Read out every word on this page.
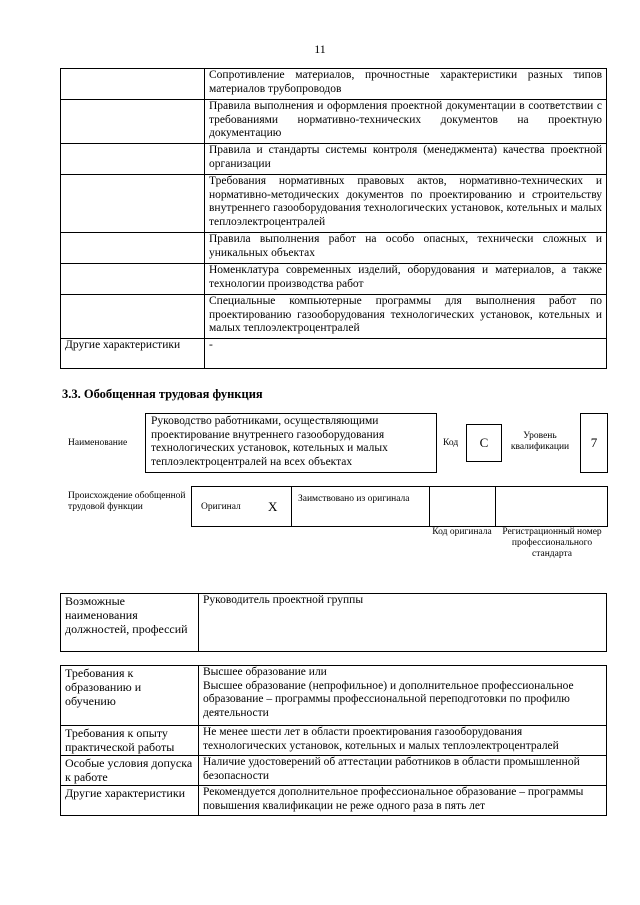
11
	Сопротивление материалов, прочностные характеристики разных типов материалов трубопроводов
	Правила выполнения и оформления проектной документации в соответствии с требованиями нормативно-технических документов на проектную документацию
	Правила и стандарты системы контроля (менеджмента) качества проектной организации
	Требования нормативных правовых актов, нормативно-технических и нормативно-методических документов по проектированию и строительству внутреннего газооборудования технологических установок, котельных и малых теплоэлектроцентралей
	Правила выполнения работ на особо опасных, технически сложных и уникальных объектах
	Номенклатура современных изделий, оборудования и материалов, а также технологии производства работ
	Специальные компьютерные программы для выполнения работ по проектированию газооборудования технологических установок, котельных и малых теплоэлектроцентралей
Другие характеристики	-
3.3. Обобщенная трудовая функция
Наименование
Руководство работниками, осуществляющими проектирование внутреннего газооборудования технологических установок, котельных и малых теплоэлектроцентралей на всех объектах
Код	С	Уровень квалификации	7
Происхождение обобщенной трудовой функции	Оригинал X Заимствовано из оригинала
Код оригинала	Регистрационный номер профессионального стандарта
Возможные наименования должностей, профессий	Руководитель проектной группы
Требования к образованию и обучению	Высшее образование или
Высшее образование (непрофильное) и дополнительное профессиональное образование – программы профессиональной переподготовки по профилю деятельности
Требования к опыту практической работы	Не менее шести лет в области проектирования газооборудования технологических установок, котельных и малых теплоэлектроцентралей
Особые условия допуска к работе	Наличие удостоверений об аттестации работников в области промышленной безопасности
Другие характеристики	Рекомендуется дополнительное профессиональное образование – программы повышения квалификации не реже одного раза в пять лет
